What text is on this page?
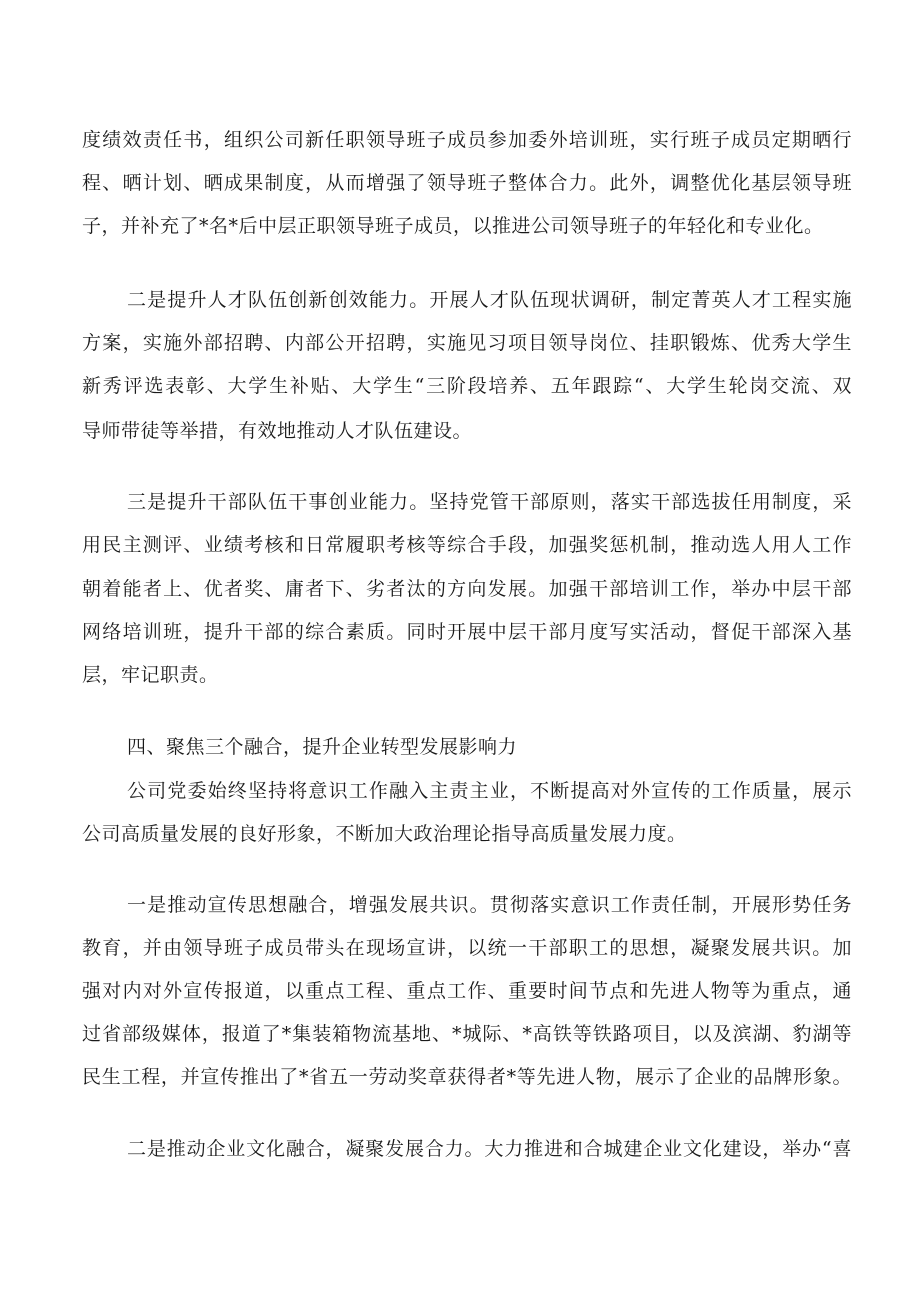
度绩效责任书，组织公司新任职领导班子成员参加委外培训班，实行班子成员定期晒行
程、晒计划、晒成果制度，从而增强了领导班子整体合力。此外，调整优化基层领导班
子，并补充了*名*后中层正职领导班子成员，以推进公司领导班子的年轻化和专业化。
二是提升人才队伍创新创效能力。开展人才队伍现状调研，制定菁英人才工程实施
方案，实施外部招聘、内部公开招聘，实施见习项目领导岗位、挂职锻炼、优秀大学生
新秀评选表彰、大学生补贴、大学生“三阶段培养、五年跟踪“、大学生轮岗交流、双
导师带徒等举措，有效地推动人才队伍建设。
三是提升干部队伍干事创业能力。坚持党管干部原则，落实干部选拔任用制度，采
用民主测评、业绩考核和日常履职考核等综合手段，加强奖惩机制，推动选人用人工作
朝着能者上、优者奖、庸者下、劣者汰的方向发展。加强干部培训工作，举办中层干部
网络培训班，提升干部的综合素质。同时开展中层干部月度写实活动，督促干部深入基
层，牢记职责。
四、聚焦三个融合，提升企业转型发展影响力
公司党委始终坚持将意识工作融入主责主业，不断提高对外宣传的工作质量，展示
公司高质量发展的良好形象，不断加大政治理论指导高质量发展力度。
一是推动宣传思想融合，增强发展共识。贯彻落实意识工作责任制，开展形势任务
教育，并由领导班子成员带头在现场宣讲，以统一干部职工的思想，凝聚发展共识。加
强对内对外宣传报道，以重点工程、重点工作、重要时间节点和先进人物等为重点，通
过省部级媒体，报道了*集装箱物流基地、*城际、*高铁等铁路项目，以及滨湖、豹湖等
民生工程，并宣传推出了*省五一劳动奖章获得者*等先进人物，展示了企业的品牌形象。
二是推动企业文化融合，凝聚发展合力。大力推进和合城建企业文化建设，举办“喜
